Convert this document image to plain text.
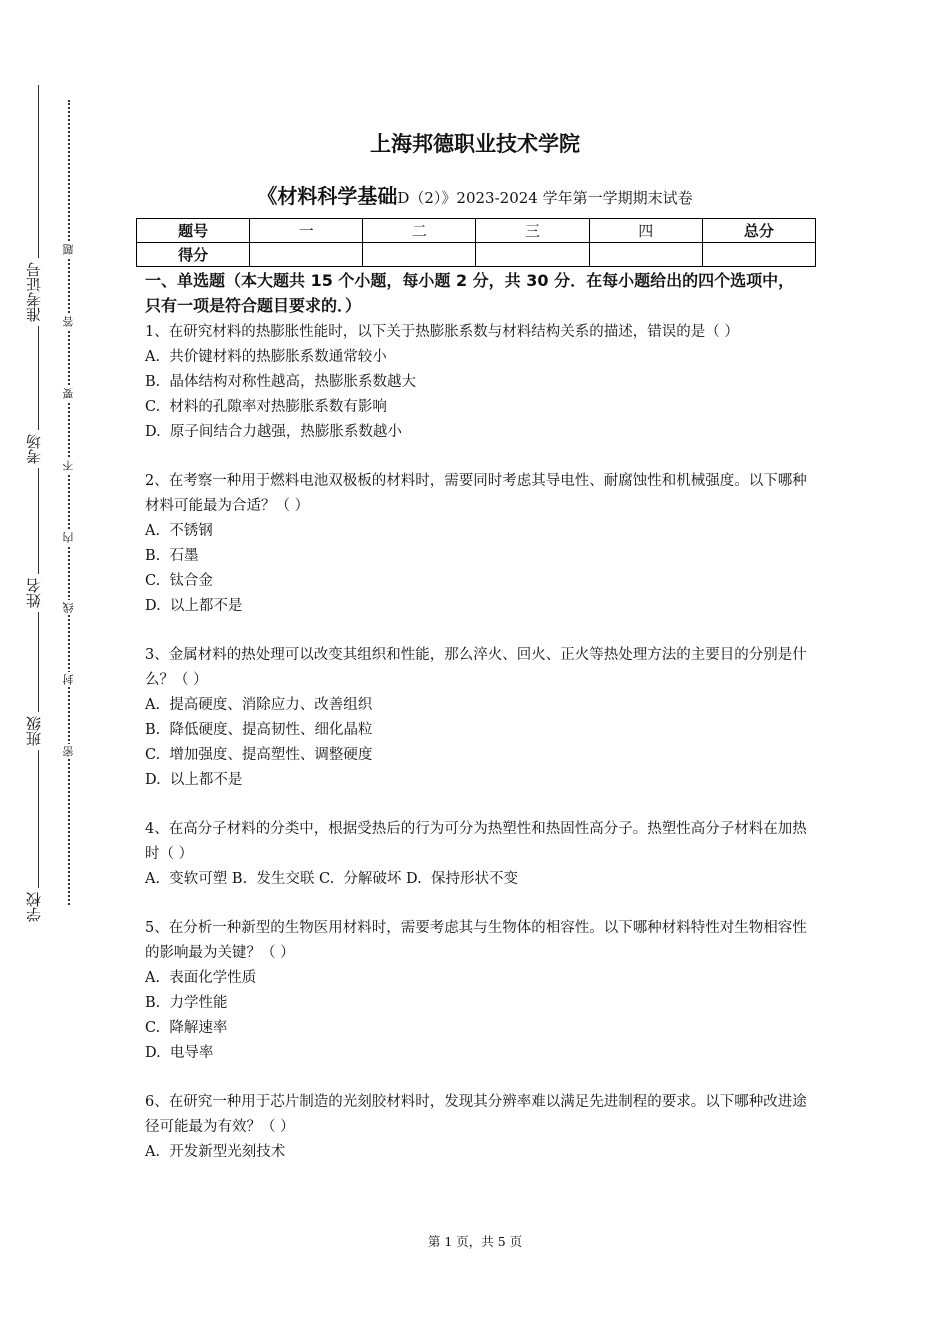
学校
班级
姓名
考场
准考证号
题
答
要
不
内
线
封
密
上海邦德职业技术学院
《材料科学基础D（2）》2023-2024 学年第一学期期末试卷
题号	一	二	三	四	总分
得分					

一、单选题（本大题共 15 个小题，每小题 2 分，共 30 分．在每小题给出的四个选项中，只有一项是符合题目要求的．）

1、在研究材料的热膨胀性能时，以下关于热膨胀系数与材料结构关系的描述，错误的是（ ）

A.  共价键材料的热膨胀系数通常较小

B.  晶体结构对称性越高，热膨胀系数越大

C.  材料的孔隙率对热膨胀系数有影响

D.  原子间结合力越强，热膨胀系数越小

2、在考察一种用于燃料电池双极板的材料时，需要同时考虑其导电性、耐腐蚀性和机械强度。以下哪种材料可能最为合适？（ ）

A.  不锈钢

B.  石墨

C.  钛合金

D.  以上都不是

3、金属材料的热处理可以改变其组织和性能，那么淬火、回火、正火等热处理方法的主要目的分别是什么？（ ）

A.  提高硬度、消除应力、改善组织

B.  降低硬度、提高韧性、细化晶粒

C.  增加强度、提高塑性、调整硬度

D.  以上都不是

4、在高分子材料的分类中，根据受热后的行为可分为热塑性和热固性高分子。热塑性高分子材料在加热时（ ）

A.  变软可塑 B.  发生交联 C.  分解破坏 D.  保持形状不变

5、在分析一种新型的生物医用材料时，需要考虑其与生物体的相容性。以下哪种材料特性对生物相容性的影响最为关键？（ ）

A.  表面化学性质

B.  力学性能

C.  降解速率

D.  电导率

6、在研究一种用于芯片制造的光刻胶材料时，发现其分辨率难以满足先进制程的要求。以下哪种改进途径可能最为有效？（ ）

A.  开发新型光刻技术

第 1 页，共 5 页
